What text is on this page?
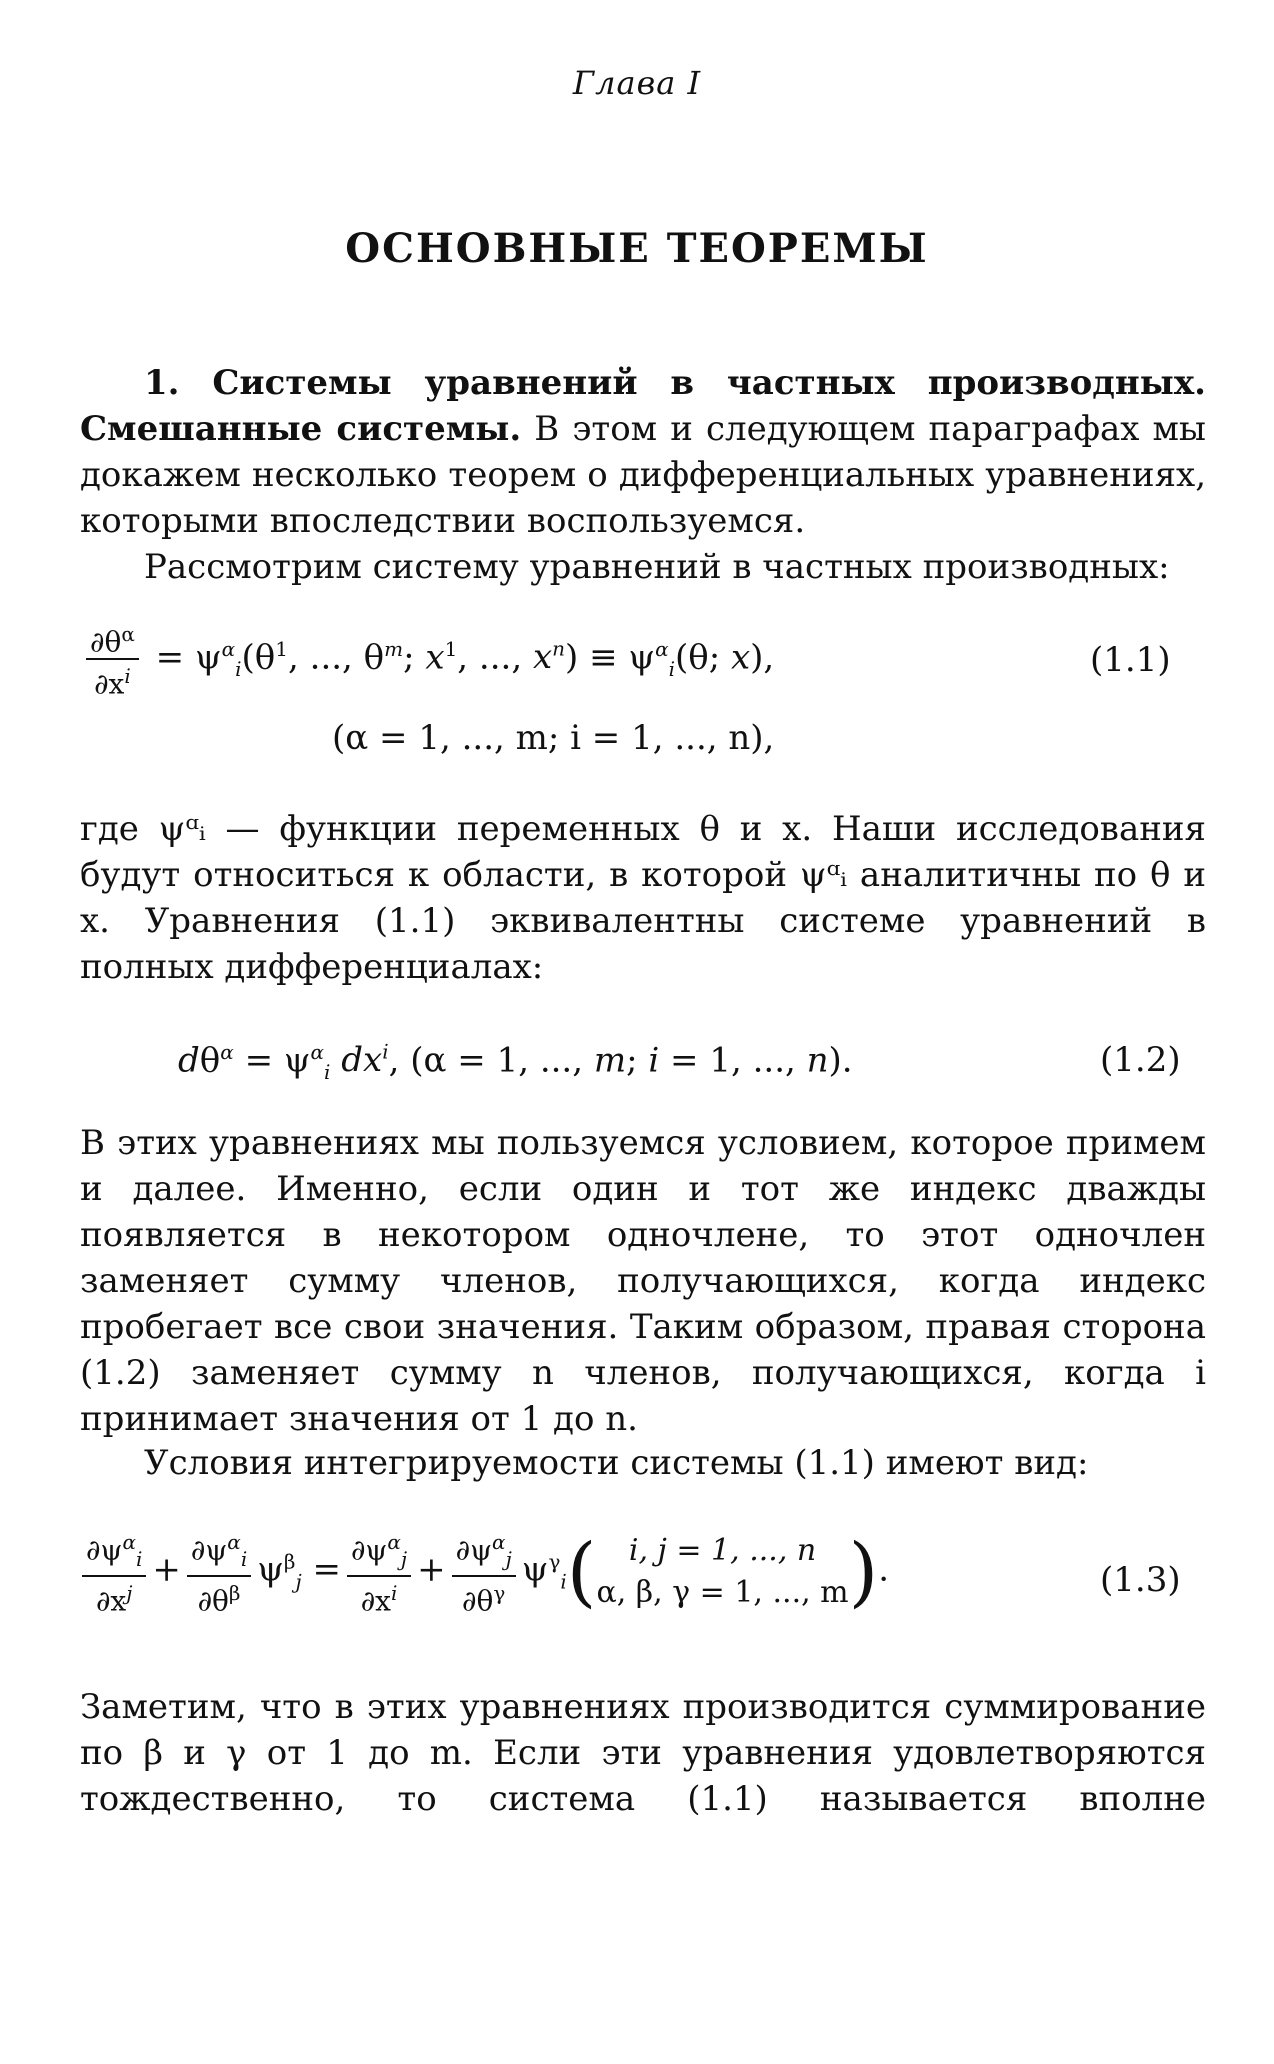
Глава I
ОСНОВНЫЕ ТЕОРЕМЫ

1. Системы уравнений в частных производных. Смешанные системы. В этом и следующем параграфах мы докажем несколько теорем о дифференциальных уравнениях, которыми впоследствии воспользуемся.

Рассмотрим систему уравнений в частных производных:

$\frac{\partial\theta^\alpha}{\partial x^i} = \psi^\alpha_i(\theta^1$, ..., $\theta^m$; $x^1$, ..., $x^n) \equiv \psi^\alpha_i(\theta$; x),	(1.1)
(α = 1, ..., m; i = 1, ..., n),

где ψᵅᵢ — функции переменных θ и x. Наши исследования будут относиться к области, в которой ψᵅᵢ аналитичны по θ и x. Уравнения (1.1) эквивалентны системе уравнений в полных дифференциалах:

$d\theta^\alpha = \psi^\alpha_i$ $dx^i$, (α = 1, ..., m; i = 1, ..., n).	(1.2)

В этих уравнениях мы пользуемся условием, которое примем и далее. Именно, если один и тот же индекс дважды появляется в некотором одночлене, то этот одночлен заменяет сумму членов, получающихся, когда индекс пробегает все свои значения. Таким образом, правая сторона (1.2) заменяет сумму n членов, получающихся, когда i принимает значения от 1 до n.

Условия интегрируемости системы (1.1) имеют вид:

$\frac{\partial\psi^\alpha_i}{\partial x^j} + \frac{\partial\psi^\alpha_i}{\partial\theta^\beta} \psi^\beta_j = \frac{\partial\psi^\alpha_j}{\partial x^i} + \frac{\partial\psi^\alpha_j}{\partial\theta^\gamma} \psi^\gamma_i$(	i, j = 1, ..., n
α, β, γ = 1, ..., m ).	(1.3)

Заметим, что в этих уравнениях производится суммирование по β и γ от 1 до m. Если эти уравнения удовлетворяются тождественно, то система (1.1) называется вполне
